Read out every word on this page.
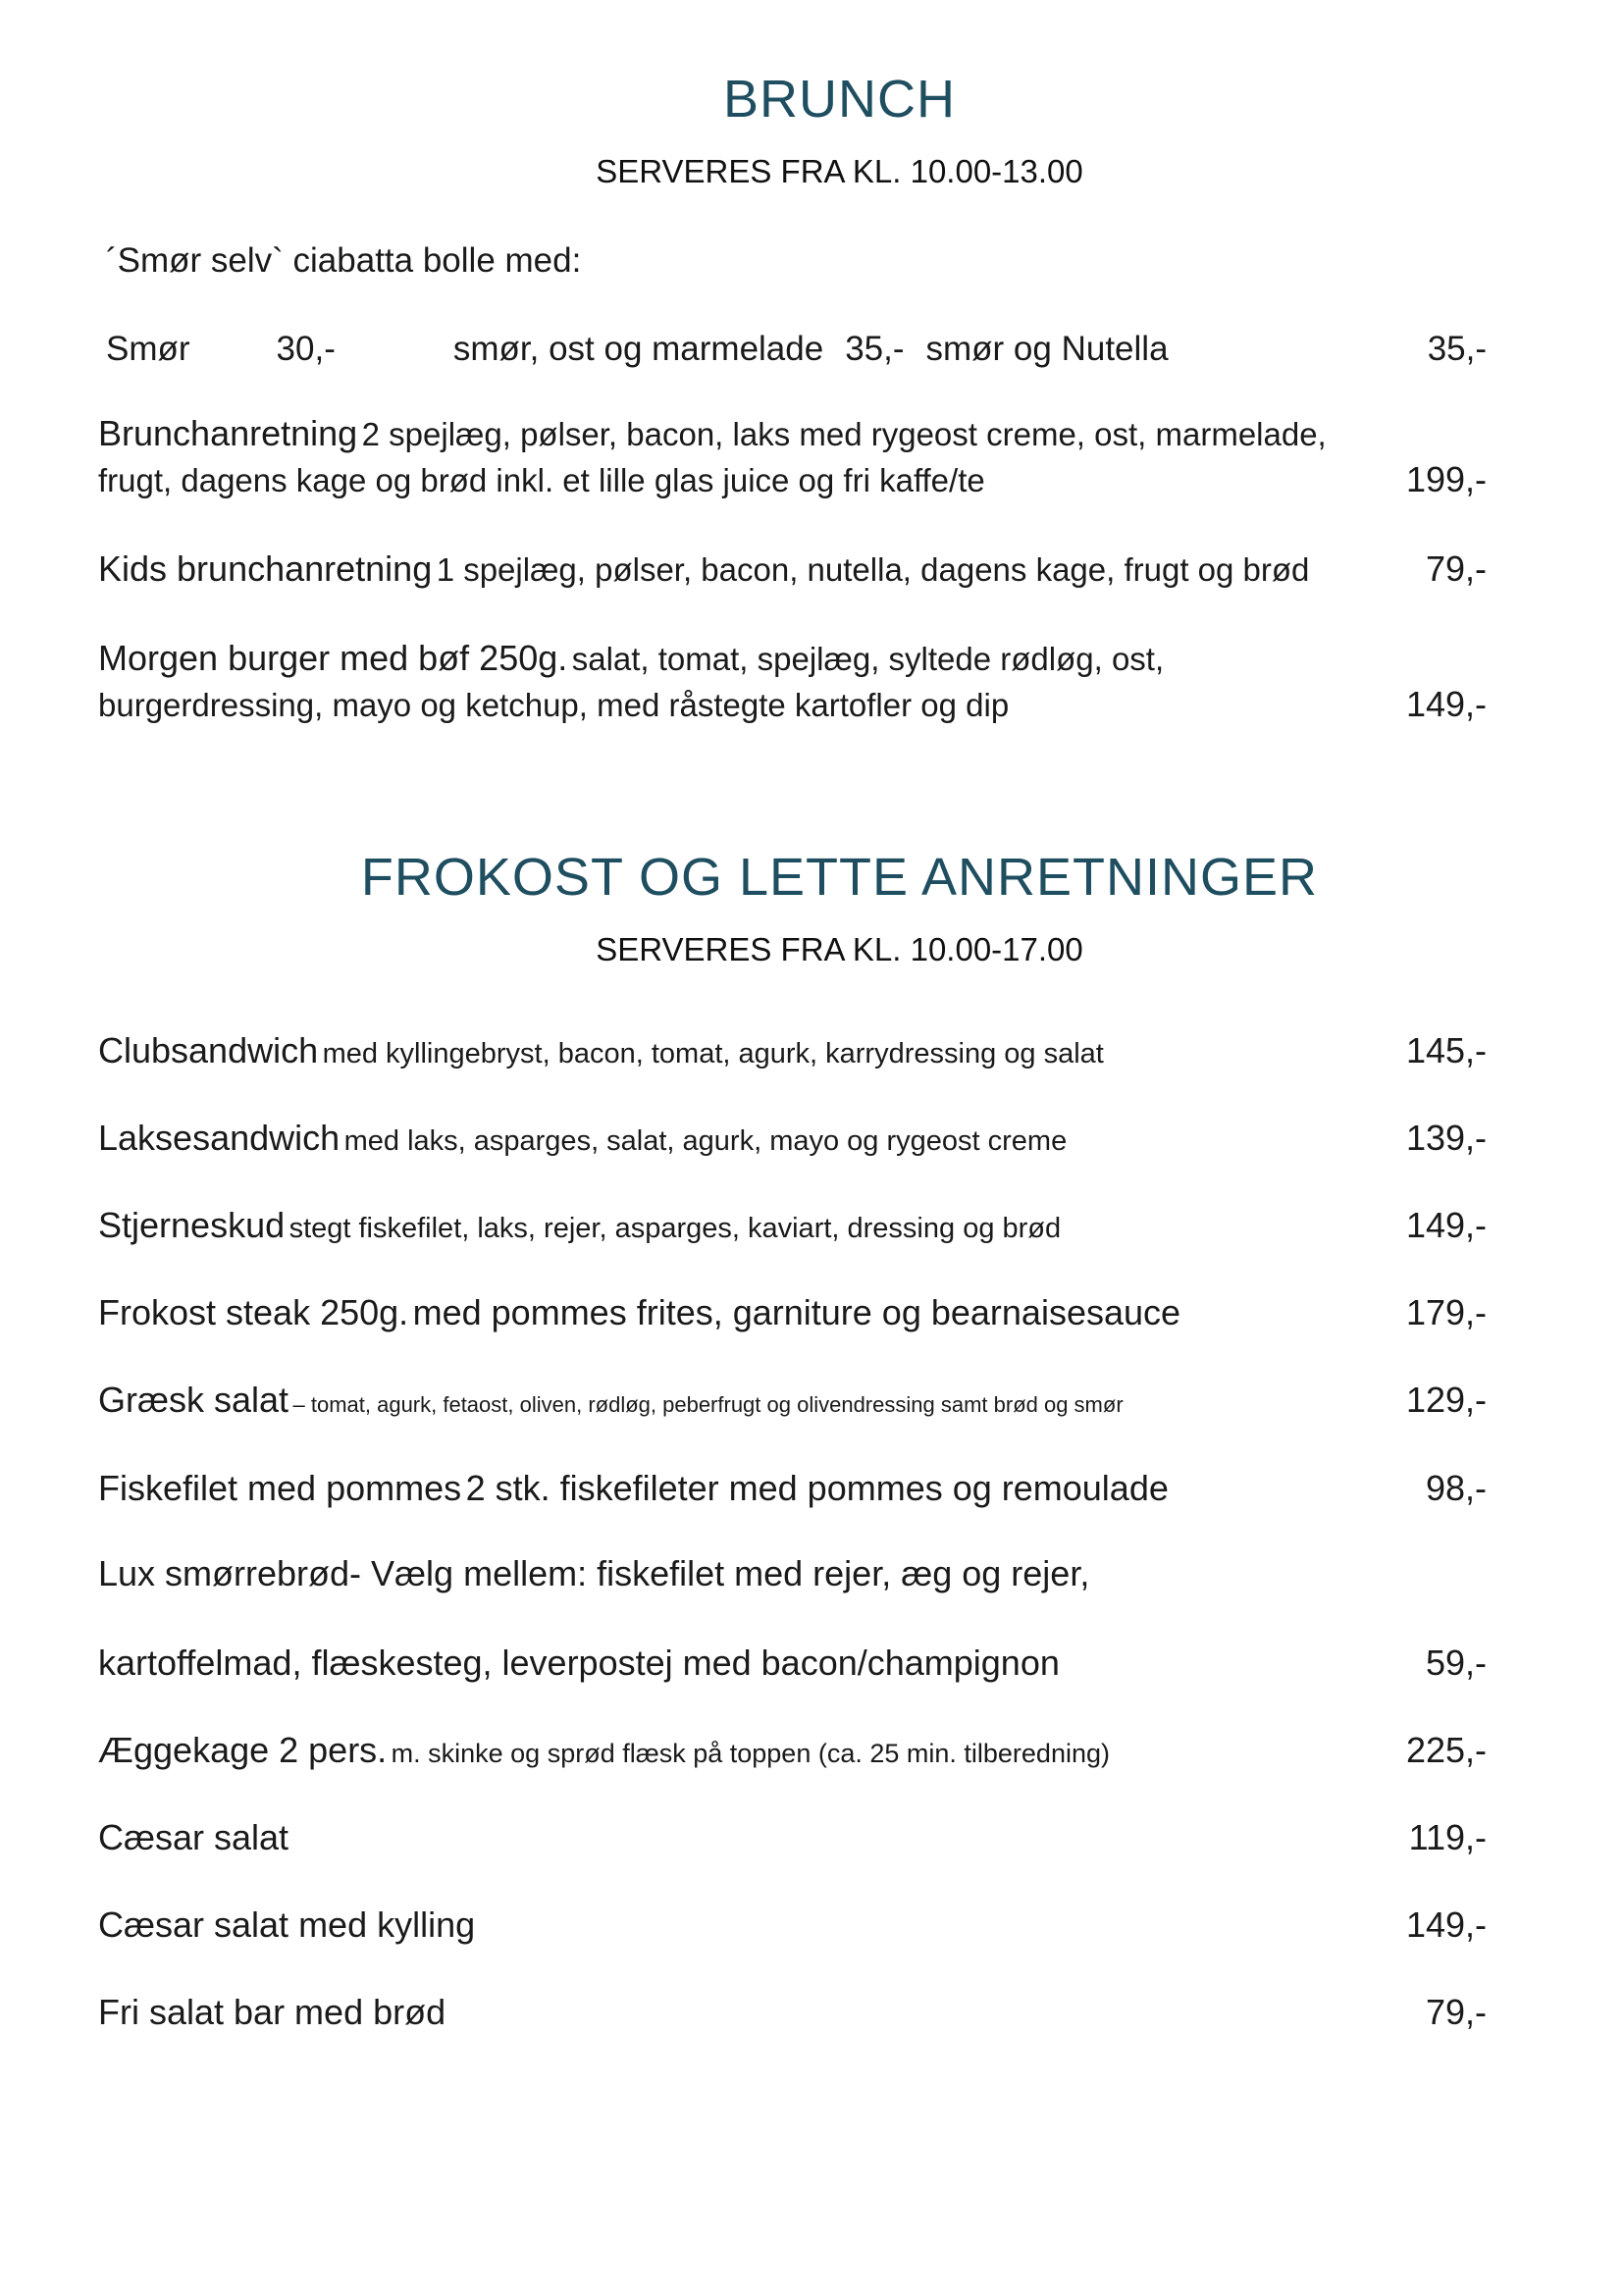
BRUNCH
SERVERES FRA KL. 10.00-13.00
´Smør selv` ciabatta bolle med:
Smør	30,-	smør, ost og marmelade 35,- smør og Nutella	35,-
Brunchanretning 2 spejlæg, pølser, bacon, laks med rygeost creme, ost, marmelade, frugt, dagens kage og brød inkl. et lille glas juice og fri kaffe/te	199,-
Kids brunchanretning 1 spejlæg, pølser, bacon, nutella, dagens kage, frugt og brød	79,-
Morgen burger med bøf 250g. salat, tomat, spejlæg, syltede rødløg, ost, burgerdressing, mayo og ketchup, med råstegte kartofler og dip	149,-
FROKOST OG LETTE ANRETNINGER
SERVERES FRA KL. 10.00-17.00
Clubsandwich med kyllingebryst, bacon, tomat, agurk, karrydressing og salat	145,-
Laksesandwich med laks, asparges, salat, agurk, mayo og rygeost creme	139,-
Stjerneskud stegt fiskefilet, laks, rejer, asparges, kaviart, dressing og brød	149,-
Frokost steak 250g. med pommes frites, garniture og bearnaisesauce	179,-
Græsk salat – tomat, agurk, fetaost, oliven, rødløg, peberfrugt og olivendressing samt brød og smør	129,-
Fiskefilet med pommes 2 stk. fiskefileter med pommes og remoulade	98,-
Lux smørrebrød- Vælg mellem: fiskefilet med rejer, æg og rejer,
kartoffelmad, flæskesteg, leverpostej med bacon/champignon	59,-
Æggekage 2 pers. m. skinke og sprød flæsk på toppen (ca. 25 min. tilberedning)	225,-
Cæsar salat	119,-
Cæsar salat med kylling	149,-
Fri salat bar med brød	79,-
